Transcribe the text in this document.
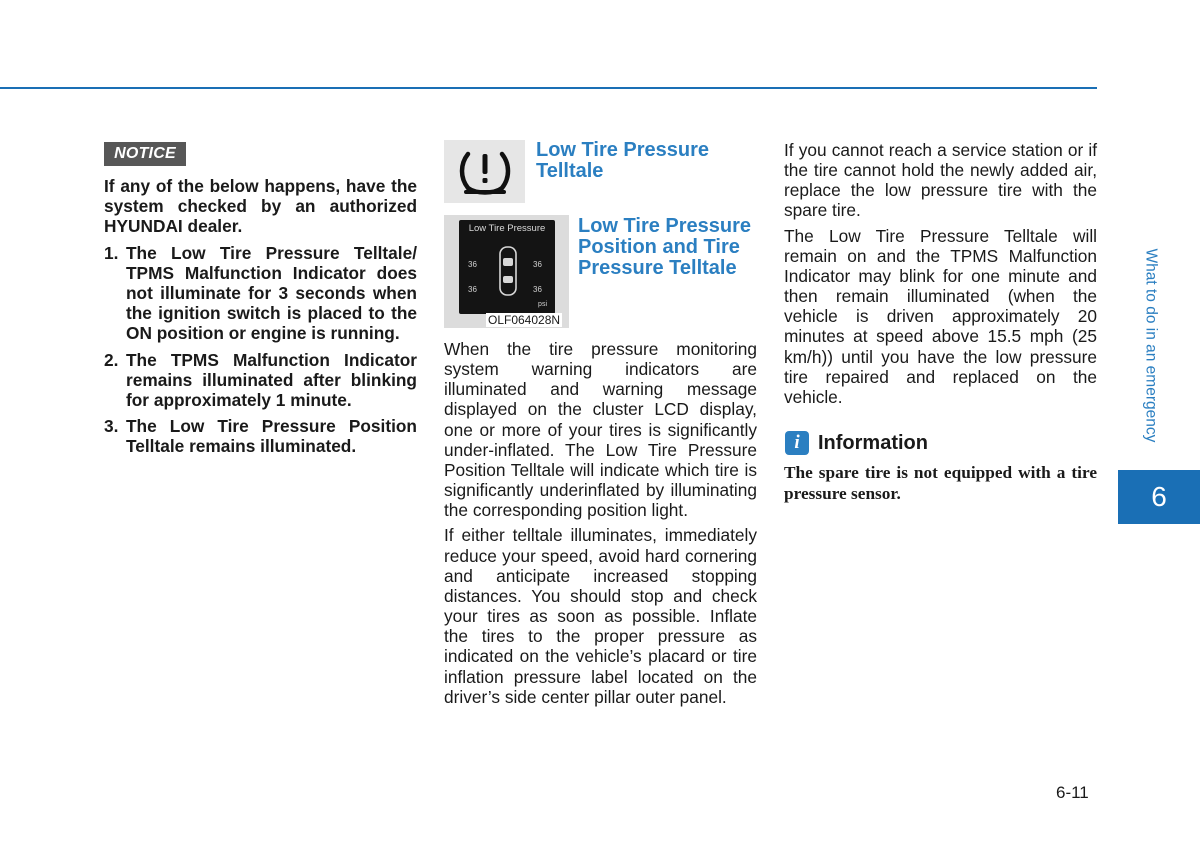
NOTICE

If any of the below happens, have the system checked by an authorized HYUNDAI dealer.

1. The Low Tire Pressure Telltale/ TPMS Malfunction Indicator does not illuminate for 3 seconds when the ignition switch is placed to the ON position or engine is running.
2. The TPMS Malfunction Indicator remains illuminated after blinking for approximately 1 minute.
3. The Low Tire Pressure Position Telltale remains illuminated.
Low Tire Pressure Telltale
Low Tire Pressure
36	36
36	36
psi
OLF064028N
Low Tire Pressure Position and Tire Pressure Telltale

When the tire pressure monitoring system warning indicators are illuminated and warning message displayed on the cluster LCD display, one or more of your tires is significantly under-inflated. The Low Tire Pressure Position Telltale will indicate which tire is significantly underinflated by illuminating the corresponding position light.

If either telltale illuminates, immediately reduce your speed, avoid hard cornering and anticipate increased stopping distances. You should stop and check your tires as soon as possible. Inflate the tires to the proper pressure as indicated on the vehicle’s placard or tire inflation pressure label located on the driver’s side center pillar outer panel.

If you cannot reach a service station or if the tire cannot hold the newly added air, replace the low pressure tire with the spare tire.

The Low Tire Pressure Telltale will remain on and the TPMS Malfunction Indicator may blink for one minute and then remain illuminated (when the vehicle is driven approximately 20 minutes at speed above 15.5 mph (25 km/h)) until you have the low pressure tire repaired and replaced on the vehicle.

i Information
The spare tire is not equipped with a tire pressure sensor.
What to do in an emergency
6
6-11
